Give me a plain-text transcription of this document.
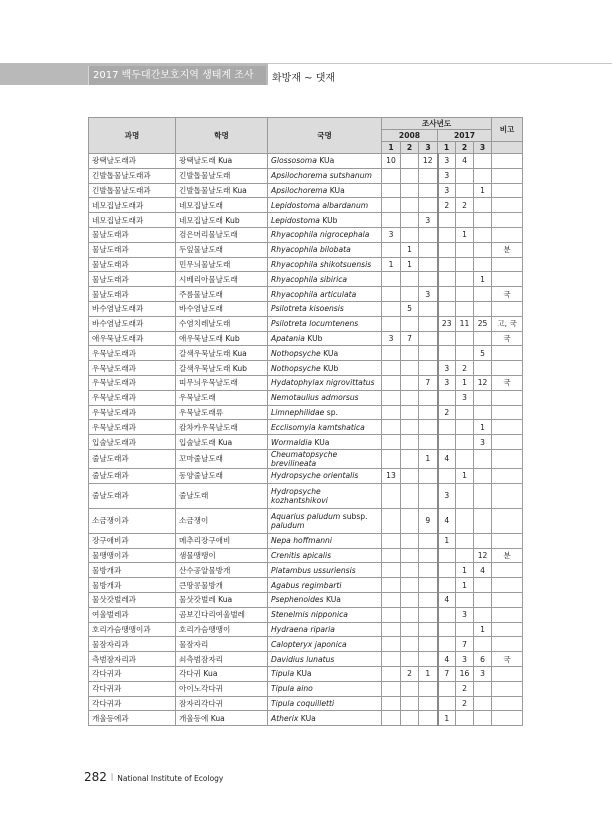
2017 백두대간보호지역 생태계 조사	화방재 ~ 댓재
과명	학명	국명	조사년도						비고
			2008			2017			
			1	2	3	1	2	3	
광택날도래과	광택날도래 Kua	Glossosoma KUa	10		12	3	4		
긴발톱물날도래과	긴발톱물날도래	Apsilochorema sutshanum				3			
긴발톱물날도래과	긴발톱물날도래 Kua	Apsilochorema KUa				3		1	
네모집날도래과	네모집날도래	Lepidostoma albardanum				2	2		
네모집날도래과	네모집날도래 Kub	Lepidostoma KUb			3				
물날도래과	검은머리물날도래	Rhyacophila nigrocephala	3				1		
물날도래과	두잎물날도래	Rhyacophila bilobata		1					분
물날도래과	민무늬물날도래	Rhyacophila shikotsuensis	1	1					
물날도래과	시베리아물날도래	Rhyacophila sibirica						1	
물날도래과	주름물날도래	Rhyacophila articulata			3				국
바수염날도래과	바수염날도래	Psilotreta kisoensis		5					
바수염날도래과	수염치레날도래	Psilotreta locumtenens				23	11	25	고, 국
애우묵날도래과	애우묵날도래 Kub	Apatania KUb	3	7					국
우묵날도래과	갈색우묵날도래 Kua	Nothopsyche KUa						5	
우묵날도래과	갈색우묵날도래 Kub	Nothopsyche KUb				3	2		
우묵날도래과	띠무늬우묵날도래	Hydatophylax nigrovittatus			7	3	1	12	국
우묵날도래과	우묵날도래	Nemotaulius admorsus					3		
우묵날도래과	우묵날도래류	Limnephilidae sp.				2			
우묵날도래과	캄차카우묵날도래	Ecclisomyia kamtshatica						1	
입술날도래과	입술날도래 Kua	Wormaldia KUa						3	
줄날도래과	꼬마줄날도래	Cheumatopsyche brevilineata			1	4			
줄날도래과	동양줄날도래	Hydropsyche orientalis	13				1		
줄날도래과	줄날도래	Hydropsyche kozhantshikovi				3			
소금쟁이과	소금쟁이	Aquarius paludum subsp. paludum			9	4			
장구애비과	메추리장구애비	Nepa hoffmanni				1			
물땡땡이과	샘물땡땡이	Crenitis apicalis						12	분
물방개과	산수공알물방개	Platambus ussuriensis					1	4	
물방개과	큰땅콩물방개	Agabus regimbarti					1		
물삿갓벌레과	물삿갓벌레 Kua	Psephenoides KUa				4			
여울벌레과	곰보긴다리여울벌레	Stenelmis nipponica					3		
호리가슴땡땡이과	호리가슴땡땡이	Hydraena riparia						1	
물잠자리과	물잠자리	Calopteryx japonica					7		
측범잠자리과	쇠측범잠자리	Davidius lunatus				4	3	6	국
각다귀과	각다귀 Kua	Tipula KUa		2	1	7	16	3	
각다귀과	아이노각다귀	Tipula aino					2		
각다귀과	잠자리각다귀	Tipula coquilletti					2		
개울등에과	개울등에 Kua	Atherix KUa				1			
282 | National Institute of Ecology
